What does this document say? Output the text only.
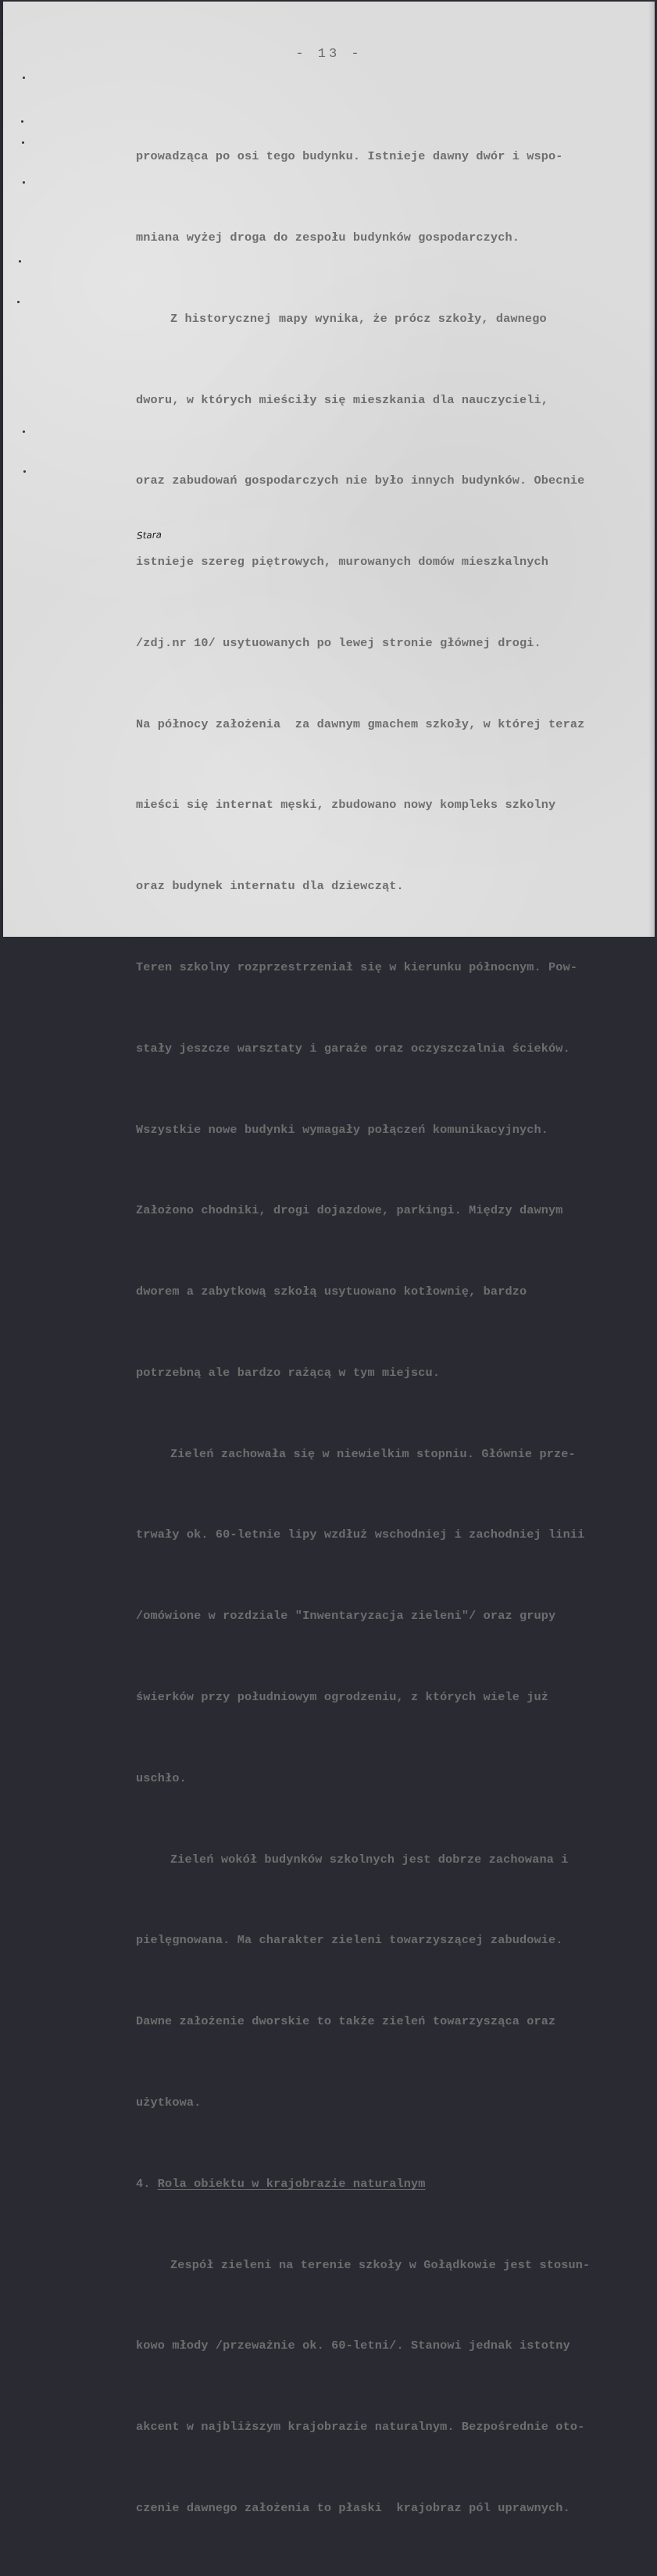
- 13 -
Stara

prowadząca po osi tego budynku. Istnieje dawny dwór i wspo-

mniana wyżej droga do zespołu budynków gospodarczych.

Z historycznej mapy wynika, że prócz szkoły, dawnego

dworu, w których mieściły się mieszkania dla nauczycieli,

oraz zabudowań gospodarczych nie było innych budynków. Obecnie

istnieje szereg piętrowych, murowanych domów mieszkalnych

/zdj.nr 10/ usytuowanych po lewej stronie głównej drogi.

Na północy założenia  za dawnym gmachem szkoły, w której teraz

mieści się internat męski, zbudowano nowy kompleks szkolny

oraz budynek internatu dla dziewcząt.

Teren szkolny rozprzestrzeniał się w kierunku północnym. Pow-

stały jeszcze warsztaty i garaże oraz oczyszczalnia ścieków.

Wszystkie nowe budynki wymagały połączeń komunikacyjnych.

Założono chodniki, drogi dojazdowe, parkingi. Między dawnym

dworem a zabytkową szkołą usytuowano kotłownię, bardzo

potrzebną ale bardzo rażącą w tym miejscu.

Zieleń zachowała się w niewielkim stopniu. Głównie prze-

trwały ok. 60-letnie lipy wzdłuż wschodniej i zachodniej linii

/omówione w rozdziale "Inwentaryzacja zieleni"/ oraz grupy

świerków przy południowym ogrodzeniu, z których wiele już

uschło.

Zieleń wokół budynków szkolnych jest dobrze zachowana i

pielęgnowana. Ma charakter zieleni towarzyszącej zabudowie.

Dawne założenie dworskie to także zieleń towarzysząca oraz

użytkowa.

4. Rola obiektu w krajobrazie naturalnym

Zespół zieleni na terenie szkoły w Gołądkowie jest stosun-

kowo młody /przeważnie ok. 60-letni/. Stanowi jednak istotny

akcent w najbliższym krajobrazie naturalnym. Bezpośrednie oto-

czenie dawnego założenia to płaski  krajobraz pól uprawnych.
